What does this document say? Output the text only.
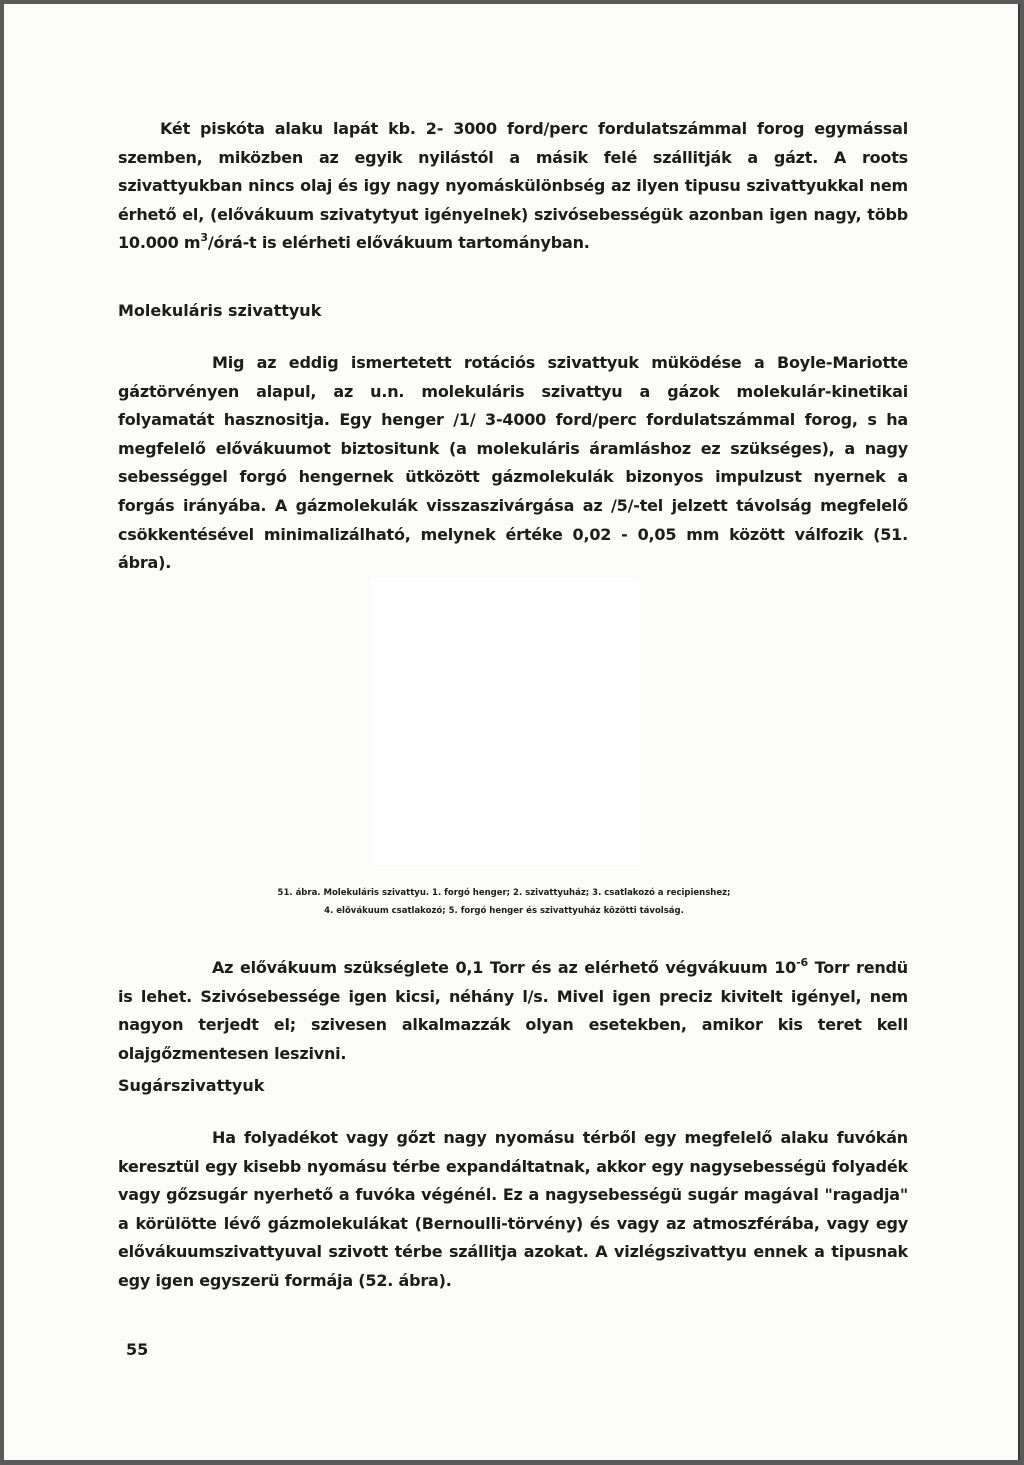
Két piskóta alaku lapát kb. 2- 3000 ford/perc fordulatszámmal forog egymással szemben, miközben az egyik nyilástól a másik felé szállitják a gázt. A roots szivattyukban nincs olaj és igy nagy nyomáskülönbség az ilyen tipusu szivattyukkal nem érhető el, (elővákuum szivatytyut igényelnek) szivósebességük azonban igen nagy, több 10.000 $m^3/órá-t$ is elérheti elővákuum tartományban.

Molekuláris szivattyuk

Mig az eddig ismertetett rotációs szivattyuk müködése a Boyle-Mariotte gáztörvényen alapul, az u.n. molekuláris szivattyu a gázok molekulár-kinetikai folyamatát hasznositja. Egy henger /1/ 3-4000 ford/perc fordulatszámmal forog, s ha megfelelő elővákuumot biztositunk (a molekuláris áramláshoz ez szükséges), a nagy sebességgel forgó hengernek ütközött gázmolekulák bizonyos impulzust nyernek a forgás irányába. A gázmolekulák visszaszivárgása az /5/-tel jelzett távolság megfelelő csökkentésével minimalizálható, melynek értéke 0,02 - 0,05 mm között válfozik (51. ábra).

51. ábra. Molekuláris szivattyu. 1. forgó henger; 2. szivattyuház; 3. csatlakozó a recipienshez;
4. elővákuum csatlakozó; 5. forgó henger és szivattyuház közötti távolság.

Az elővákuum szükséglete 0,1 Torr és az elérhető végvákuum $10^{-6}$ Torr rendü is lehet. Szivósebessége igen kicsi, néhány l/s. Mivel igen preciz kivitelt igényel, nem nagyon terjedt el; szivesen alkalmazzák olyan esetekben, amikor kis teret kell olajgőzmentesen leszivni.

Sugárszivattyuk

Ha folyadékot vagy gőzt nagy nyomásu térből egy megfelelő alaku fuvókán keresztül egy kisebb nyomásu térbe expandáltatnak, akkor egy nagysebességü folyadék vagy gőzsugár nyerhető a fuvóka végénél. Ez a nagysebességü sugár magával "ragadja" a körülötte lévő gázmolekulákat (Bernoulli-törvény) és vagy az atmoszférába, vagy egy elővákuumszivattyuval szivott térbe szállitja azokat. A vizlégszivattyu ennek a tipusnak egy igen egyszerü formája (52. ábra).

55
